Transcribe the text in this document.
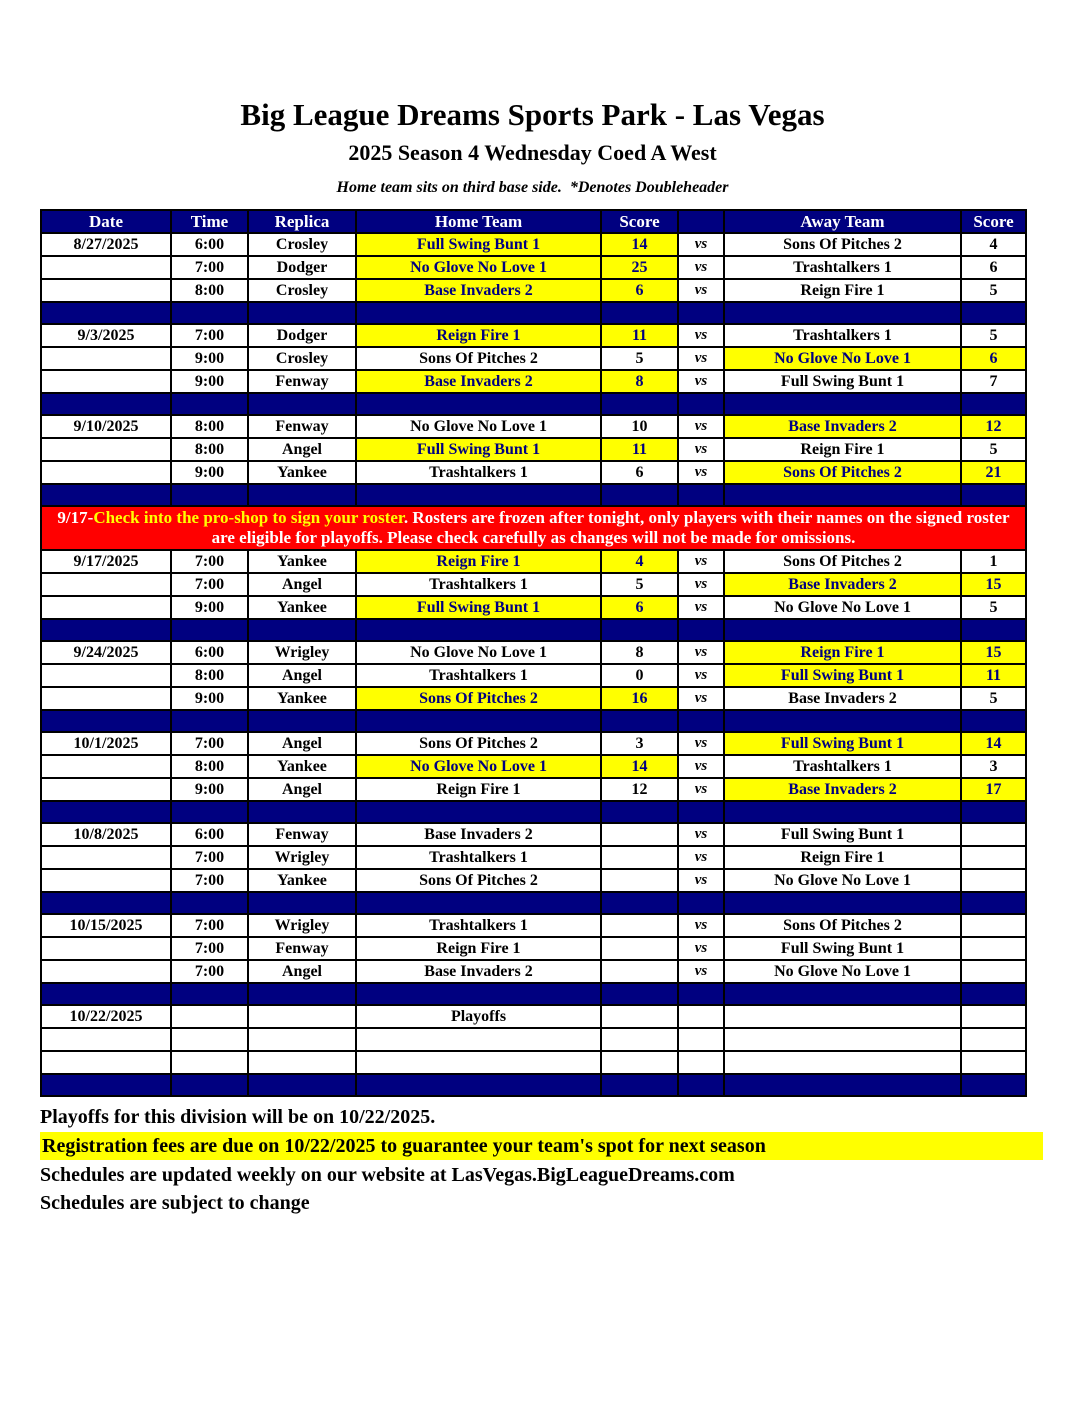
Big League Dreams Sports Park - Las Vegas
2025 Season 4 Wednesday Coed A West
Home team sits on third base side.  *Denotes Doubleheader
Date	Time	Replica	Home Team	Score		Away Team	Score
8/27/2025	6:00	Crosley	Full Swing Bunt 1	14	vs	Sons Of Pitches 2	4
	7:00	Dodger	No Glove No Love 1	25	vs	Trashtalkers 1	6
	8:00	Crosley	Base Invaders 2	6	vs	Reign Fire 1	5

9/3/2025	7:00	Dodger	Reign Fire 1	11	vs	Trashtalkers 1	5
	9:00	Crosley	Sons Of Pitches 2	5	vs	No Glove No Love 1	6
	9:00	Fenway	Base Invaders 2	8	vs	Full Swing Bunt 1	7

9/10/2025	8:00	Fenway	No Glove No Love 1	10	vs	Base Invaders 2	12
	8:00	Angel	Full Swing Bunt 1	11	vs	Reign Fire 1	5
	9:00	Yankee	Trashtalkers 1	6	vs	Sons Of Pitches 2	21

9/17-Check into the pro-shop to sign your roster. Rosters are frozen after tonight, only players with their names on the signed roster are eligible for playoffs. Please check carefully as changes will not be made for omissions.							
9/17/2025	7:00	Yankee	Reign Fire 1	4	vs	Sons Of Pitches 2	1
	7:00	Angel	Trashtalkers 1	5	vs	Base Invaders 2	15
	9:00	Yankee	Full Swing Bunt 1	6	vs	No Glove No Love 1	5

9/24/2025	6:00	Wrigley	No Glove No Love 1	8	vs	Reign Fire 1	15
	8:00	Angel	Trashtalkers 1	0	vs	Full Swing Bunt 1	11
	9:00	Yankee	Sons Of Pitches 2	16	vs	Base Invaders 2	5

10/1/2025	7:00	Angel	Sons Of Pitches 2	3	vs	Full Swing Bunt 1	14
	8:00	Yankee	No Glove No Love 1	14	vs	Trashtalkers 1	3
	9:00	Angel	Reign Fire 1	12	vs	Base Invaders 2	17

10/8/2025	6:00	Fenway	Base Invaders 2		vs	Full Swing Bunt 1	
	7:00	Wrigley	Trashtalkers 1		vs	Reign Fire 1	
	7:00	Yankee	Sons Of Pitches 2		vs	No Glove No Love 1	

10/15/2025	7:00	Wrigley	Trashtalkers 1		vs	Sons Of Pitches 2	
	7:00	Fenway	Reign Fire 1		vs	Full Swing Bunt 1	
	7:00	Angel	Base Invaders 2		vs	No Glove No Love 1	

10/22/2025			Playoffs				

Playoffs for this division will be on 10/22/2025.
Registration fees are due on 10/22/2025 to guarantee your team's spot for next season
Schedules are updated weekly on our website at LasVegas.BigLeagueDreams.com
Schedules are subject to change
